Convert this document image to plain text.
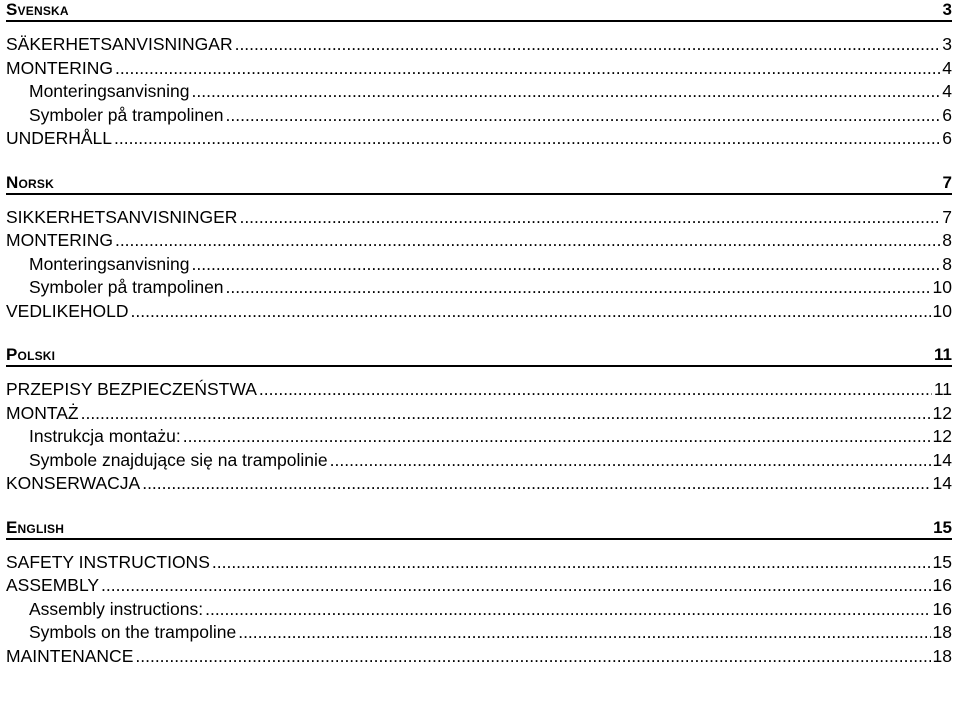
Svenska	3
SÄKERHETSANVISNINGAR .....	3
MONTERING .....	4
Monteringsanvisning .....	4
Symboler på trampolinen .....	6
UNDERHÅLL .....	6
Norsk	7
SIKKERHETSANVISNINGER .....	7
MONTERING .....	8
Monteringsanvisning .....	8
Symboler på trampolinen .....	10
VEDLIKEHOLD .....	10
Polski	11
PRZEPISY BEZPIECZEŃSTWA .....	11
MONTAŻ .....	12
Instrukcja montażu: .....	12
Symbole znajdujące się na trampolinie .....	14
KONSERWACJA .....	14
English	15
SAFETY INSTRUCTIONS .....	15
ASSEMBLY .....	16
Assembly instructions: .....	16
Symbols on the trampoline .....	18
MAINTENANCE .....	18
